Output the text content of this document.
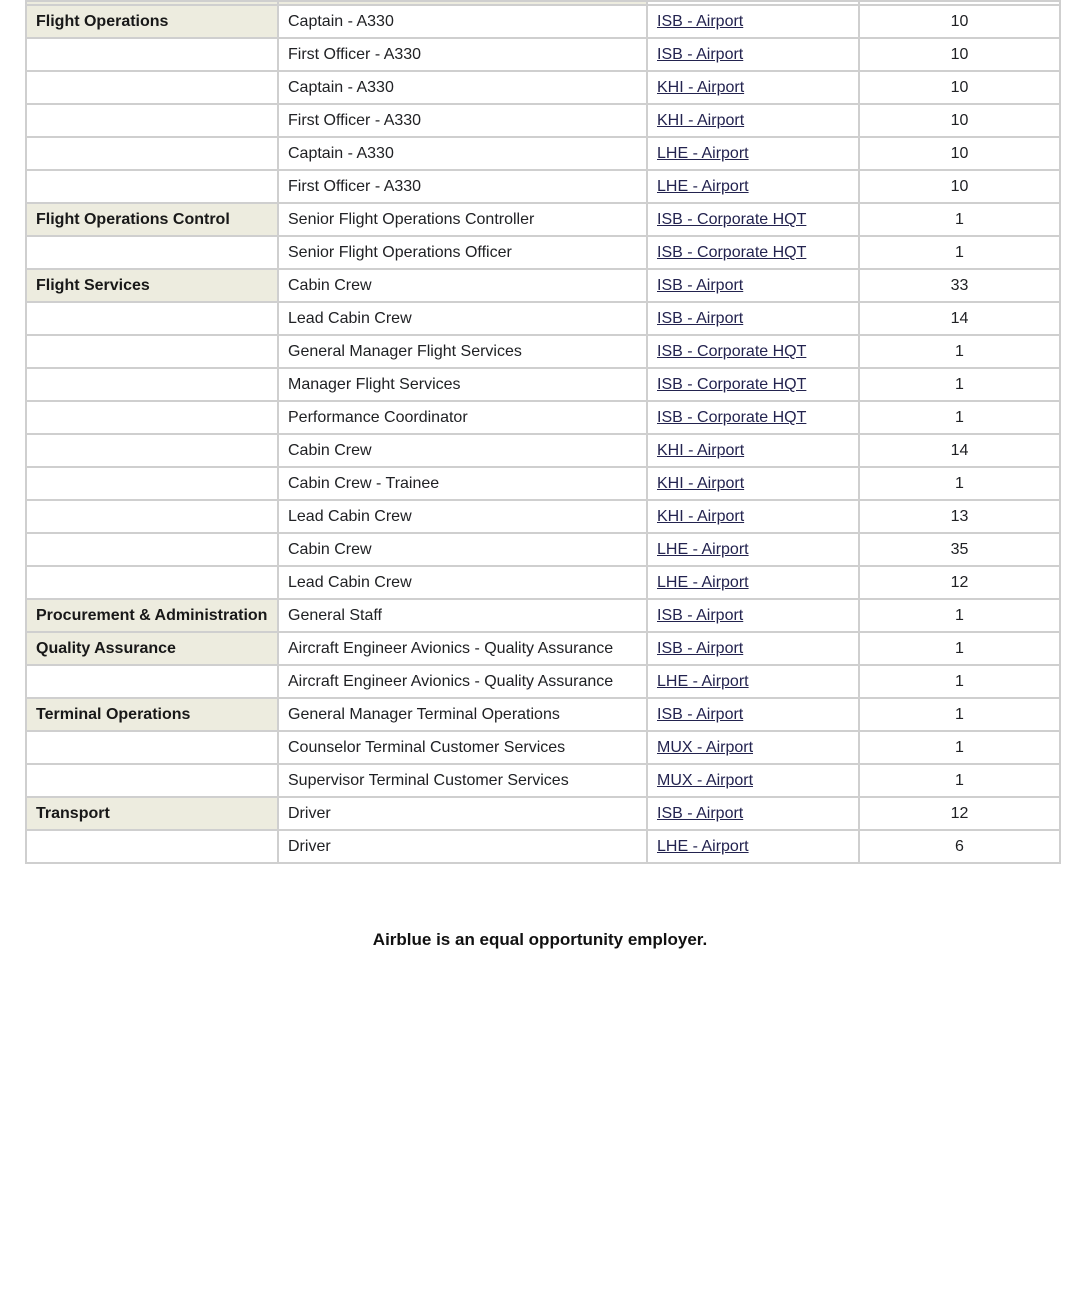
Flight Operations	Captain - A330	ISB - Airport	10
	First Officer - A330	ISB - Airport	10
	Captain - A330	KHI - Airport	10
	First Officer - A330	KHI - Airport	10
	Captain - A330	LHE - Airport	10
	First Officer - A330	LHE - Airport	10
Flight Operations Control	Senior Flight Operations Controller	ISB - Corporate HQT	1
	Senior Flight Operations Officer	ISB - Corporate HQT	1
Flight Services	Cabin Crew	ISB - Airport	33
	Lead Cabin Crew	ISB - Airport	14
	General Manager Flight Services	ISB - Corporate HQT	1
	Manager Flight Services	ISB - Corporate HQT	1
	Performance Coordinator	ISB - Corporate HQT	1
	Cabin Crew	KHI - Airport	14
	Cabin Crew - Trainee	KHI - Airport	1
	Lead Cabin Crew	KHI - Airport	13
	Cabin Crew	LHE - Airport	35
	Lead Cabin Crew	LHE - Airport	12
Procurement & Administration	General Staff	ISB - Airport	1
Quality Assurance	Aircraft Engineer Avionics - Quality Assurance	ISB - Airport	1
	Aircraft Engineer Avionics - Quality Assurance	LHE - Airport	1
Terminal Operations	General Manager Terminal Operations	ISB - Airport	1
	Counselor Terminal Customer Services	MUX - Airport	1
	Supervisor Terminal Customer Services	MUX - Airport	1
Transport	Driver	ISB - Airport	12
	Driver	LHE - Airport	6
Airblue is an equal opportunity employer.
